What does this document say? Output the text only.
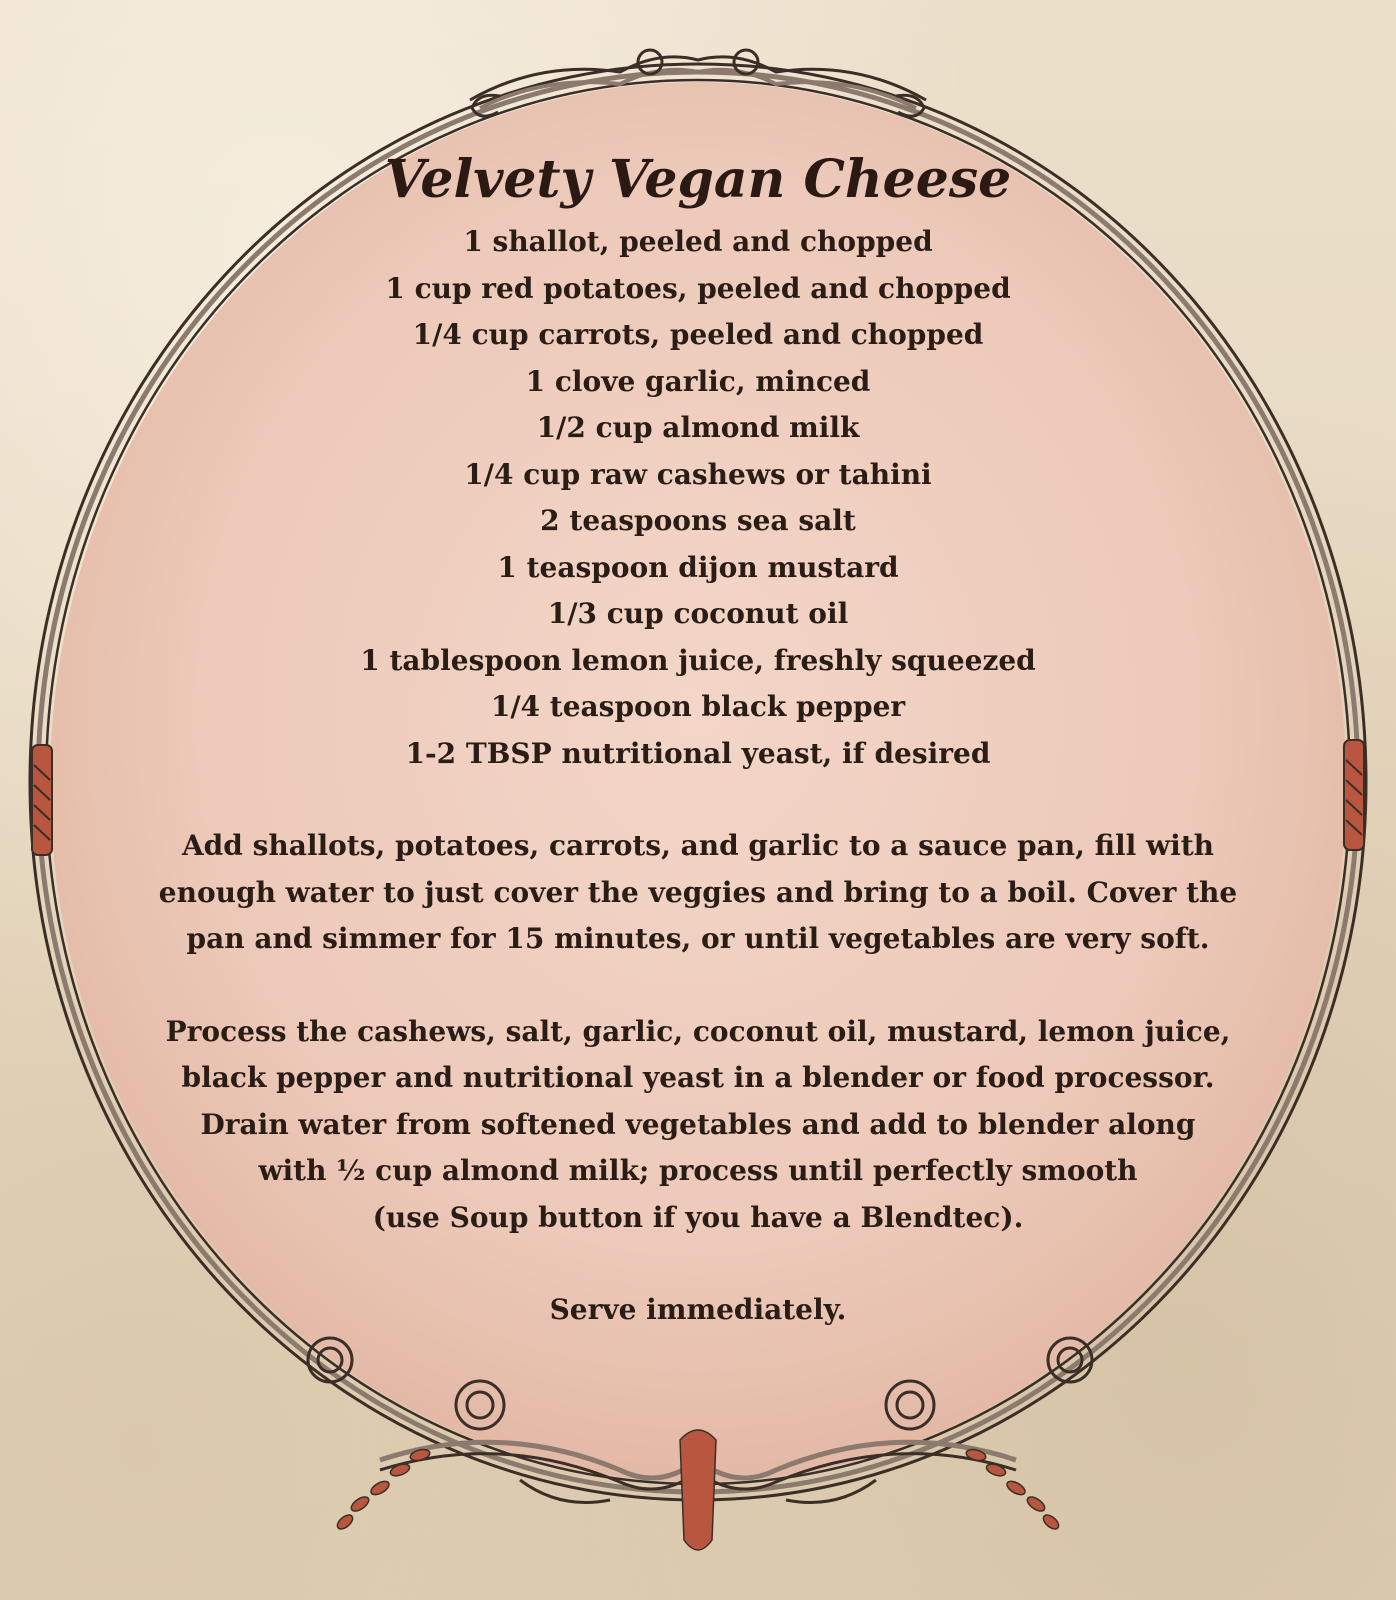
Velvety Vegan Cheese
1 shallot, peeled and chopped
1 cup red potatoes, peeled and chopped
1/4 cup carrots, peeled and chopped
1 clove garlic, minced
1/2 cup almond milk
1/4 cup raw cashews or tahini
2 teaspoons sea salt
1 teaspoon dijon mustard
1/3 cup coconut oil
1 tablespoon lemon juice, freshly squeezed
1/4 teaspoon black pepper
1-2 TBSP nutritional yeast, if desired
Add shallots, potatoes, carrots, and garlic to a sauce pan, fill with
enough water to just cover the veggies and bring to a boil. Cover the
pan and simmer for 15 minutes, or until vegetables are very soft.
Process the cashews, salt, garlic, coconut oil, mustard, lemon juice,
black pepper and nutritional yeast in a blender or food processor.
Drain water from softened vegetables and add to blender along
with ½ cup almond milk; process until perfectly smooth
(use Soup button if you have a Blendtec).
Serve immediately.
